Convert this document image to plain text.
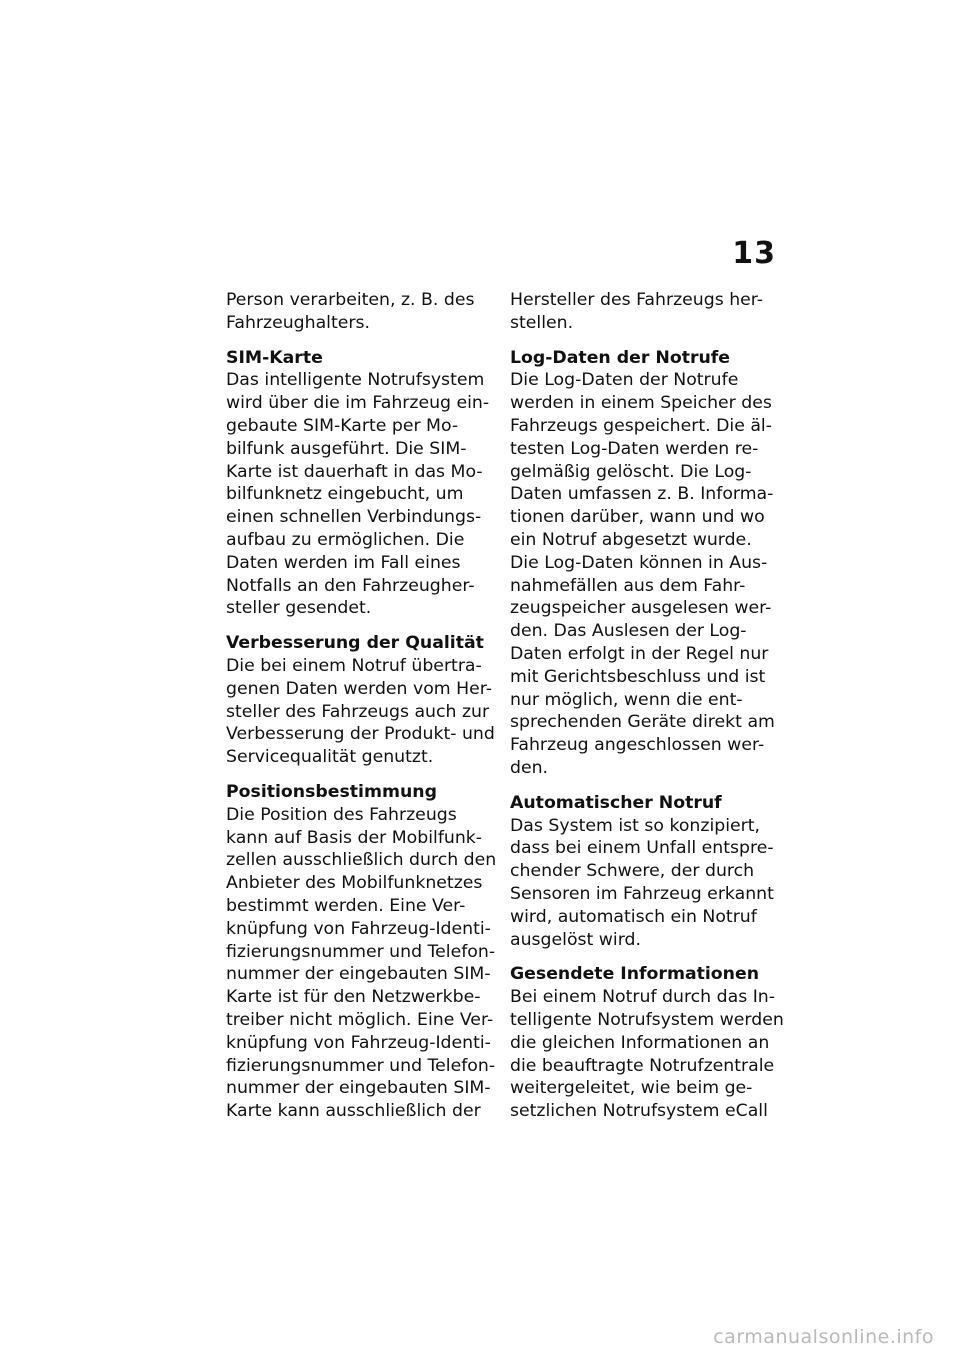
13
Person verarbeiten, z. B. des
Fahrzeughalters.
SIM-Karte
Das intelligente Notrufsystem
wird über die im Fahrzeug ein-
gebaute SIM-Karte per Mo-
bilfunk ausgeführt. Die SIM-
Karte ist dauerhaft in das Mo-
bilfunknetz eingebucht, um
einen schnellen Verbindungs-
aufbau zu ermöglichen. Die
Daten werden im Fall eines
Notfalls an den Fahrzeugher-
steller gesendet.
Verbesserung der Qualität
Die bei einem Notruf übertra-
genen Daten werden vom Her-
steller des Fahrzeugs auch zur
Verbesserung der Produkt- und
Servicequalität genutzt.
Positionsbestimmung
Die Position des Fahrzeugs
kann auf Basis der Mobilfunk-
zellen ausschließlich durch den
Anbieter des Mobilfunknetzes
bestimmt werden. Eine Ver-
knüpfung von Fahrzeug-Identi-
fizierungsnummer und Telefon-
nummer der eingebauten SIM-
Karte ist für den Netzwerkbe-
treiber nicht möglich. Eine Ver-
knüpfung von Fahrzeug-Identi-
fizierungsnummer und Telefon-
nummer der eingebauten SIM-
Karte kann ausschließlich der
Hersteller des Fahrzeugs her-
stellen.
Log-Daten der Notrufe
Die Log-Daten der Notrufe
werden in einem Speicher des
Fahrzeugs gespeichert. Die äl-
testen Log-Daten werden re-
gelmäßig gelöscht. Die Log-
Daten umfassen z. B. Informa-
tionen darüber, wann und wo
ein Notruf abgesetzt wurde.
Die Log-Daten können in Aus-
nahmefällen aus dem Fahr-
zeugspeicher ausgelesen wer-
den. Das Auslesen der Log-
Daten erfolgt in der Regel nur
mit Gerichtsbeschluss und ist
nur möglich, wenn die ent-
sprechenden Geräte direkt am
Fahrzeug angeschlossen wer-
den.
Automatischer Notruf
Das System ist so konzipiert,
dass bei einem Unfall entspre-
chender Schwere, der durch
Sensoren im Fahrzeug erkannt
wird, automatisch ein Notruf
ausgelöst wird.
Gesendete Informationen
Bei einem Notruf durch das In-
telligente Notrufsystem werden
die gleichen Informationen an
die beauftragte Notrufzentrale
weitergeleitet, wie beim ge-
setzlichen Notrufsystem eCall
carmanualsonline.info
